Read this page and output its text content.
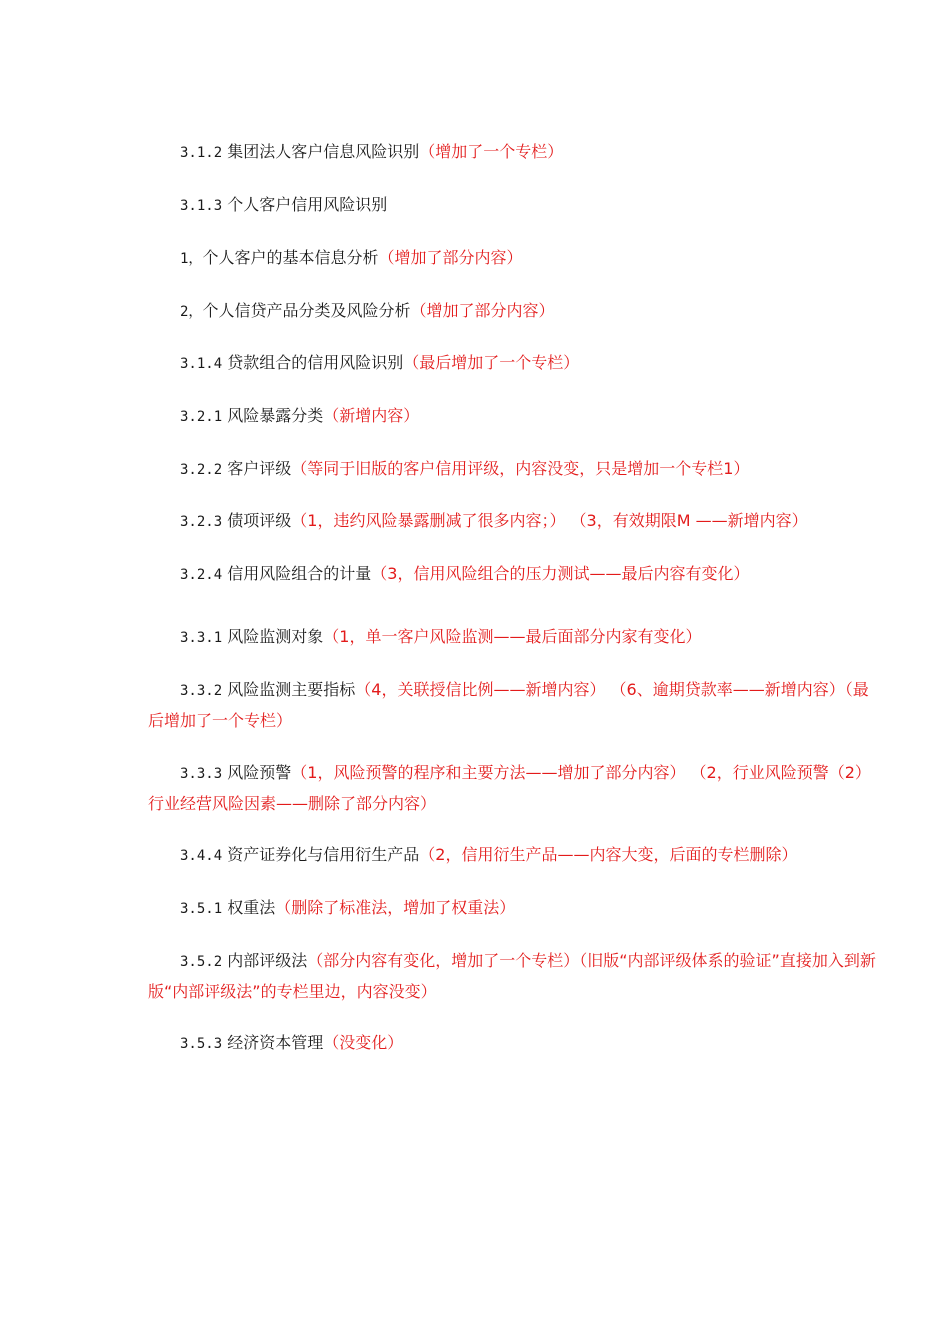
3.1.2 集团法人客户信息风险识别（增加了一个专栏）
3.1.3 个人客户信用风险识别
1，个人客户的基本信息分析（增加了部分内容）
2，个人信贷产品分类及风险分析（增加了部分内容）
3.1.4 贷款组合的信用风险识别（最后增加了一个专栏）
3.2.1 风险暴露分类（新增内容）
3.2.2 客户评级（等同于旧版的客户信用评级，内容没变，只是增加一个专栏1）
3.2.3 债项评级（1，违约风险暴露删减了很多内容；） （3，有效期限M ——新增内容）
3.2.4 信用风险组合的计量（3，信用风险组合的压力测试——最后内容有变化）
3.3.1 风险监测对象（1，单一客户风险监测——最后面部分内家有变化）
3.3.2 风险监测主要指标（4，关联授信比例——新增内容） （6、逾期贷款率——新增内容）（最后增加了一个专栏）
3.3.3 风险预警（1，风险预警的程序和主要方法——增加了部分内容） （2，行业风险预警（2）行业经营风险因素——删除了部分内容）
3.4.4 资产证券化与信用衍生产品（2，信用衍生产品——内容大变，后面的专栏删除）
3.5.1 权重法（删除了标准法，增加了权重法）
3.5.2 内部评级法（部分内容有变化，增加了一个专栏）（旧版“内部评级体系的验证”直接加入到新版“内部评级法”的专栏里边，内容没变）
3.5.3 经济资本管理（没变化）
